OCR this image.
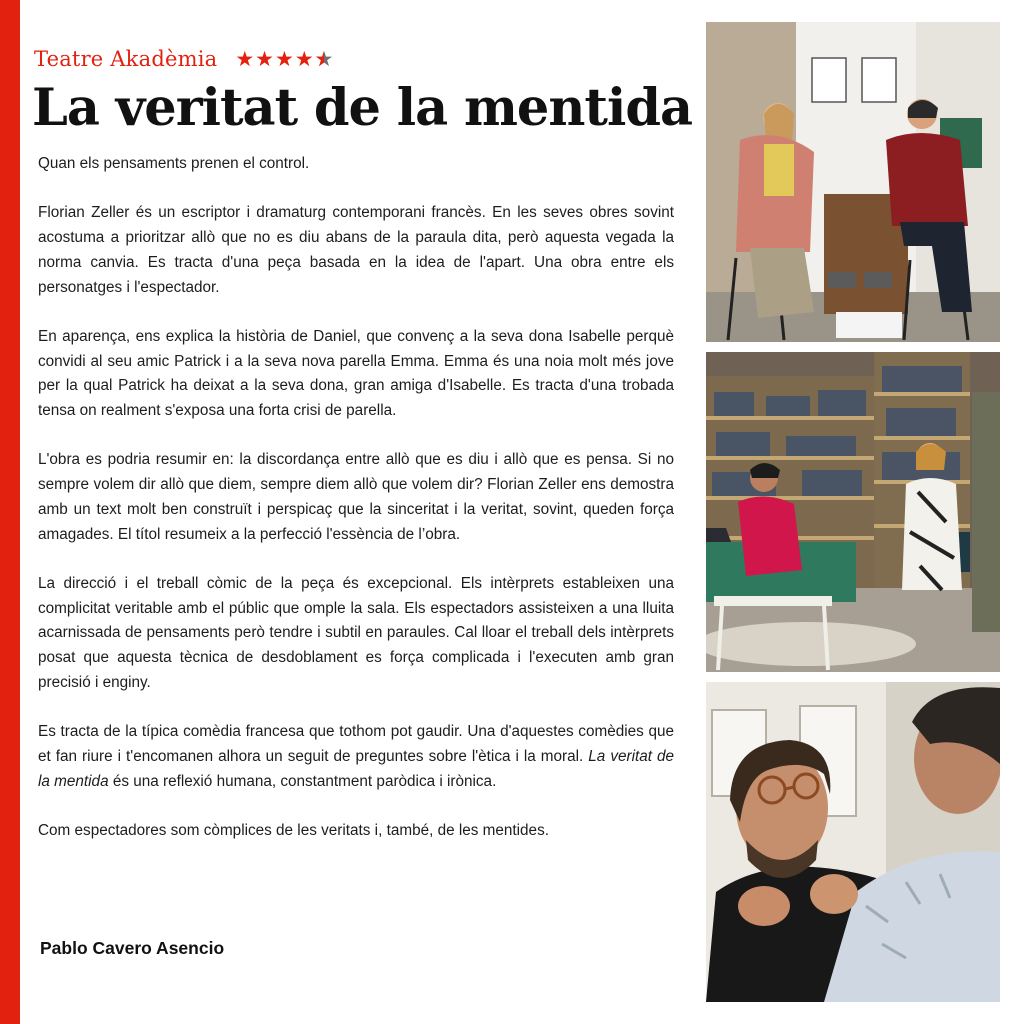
Teatre Akadèmia ★★★★★ ★
La veritat de la mentida

Quan els pensaments prenen el control.

Florian Zeller és un escriptor i dramaturg contemporani francès. En les seves obres sovint acostuma a prioritzar allò que no es diu abans de la paraula dita, però aquesta vegada la norma canvia. Es tracta d'una peça basada en la idea de l'apart. Una obra entre els personatges i l'espectador.

En aparença, ens explica la història de Daniel, que convenç a la seva dona Isabelle perquè convidi al seu amic Patrick i a la seva nova parella Emma. Emma és una noia molt més jove per la qual Patrick ha deixat a la seva dona, gran amiga d'Isabelle. Es tracta d'una trobada tensa on realment s'exposa una forta crisi de parella.

L'obra es podria resumir en: la discordança entre allò que es diu i allò que es pensa. Si no sempre volem dir allò que diem, sempre diem allò que volem dir? Florian Zeller ens demostra amb un text molt ben construït i perspicaç que la sinceritat i la veritat, sovint, queden força amagades. El títol resumeix a la perfecció l'essència de l’obra.

La direcció i el treball còmic de la peça és excepcional. Els intèrprets estableixen una complicitat veritable amb el públic que omple la sala. Els espectadors assisteixen a una lluita acarnissada de pensaments però tendre i subtil en paraules. Cal lloar el treball dels intèrprets posat que aquesta tècnica de desdoblament es força complicada i l'executen amb gran precisió i enginy.

Es tracta de la típica comèdia francesa que tothom pot gaudir. Una d'aquestes comèdies que et fan riure i t'encomanen alhora un seguit de preguntes sobre l'ètica i la moral. La veritat de la mentida és una reflexió humana, constantment paròdica i irònica.

Com espectadores som còmplices de les veritats i, també, de les mentides.

Pablo Cavero Asencio
